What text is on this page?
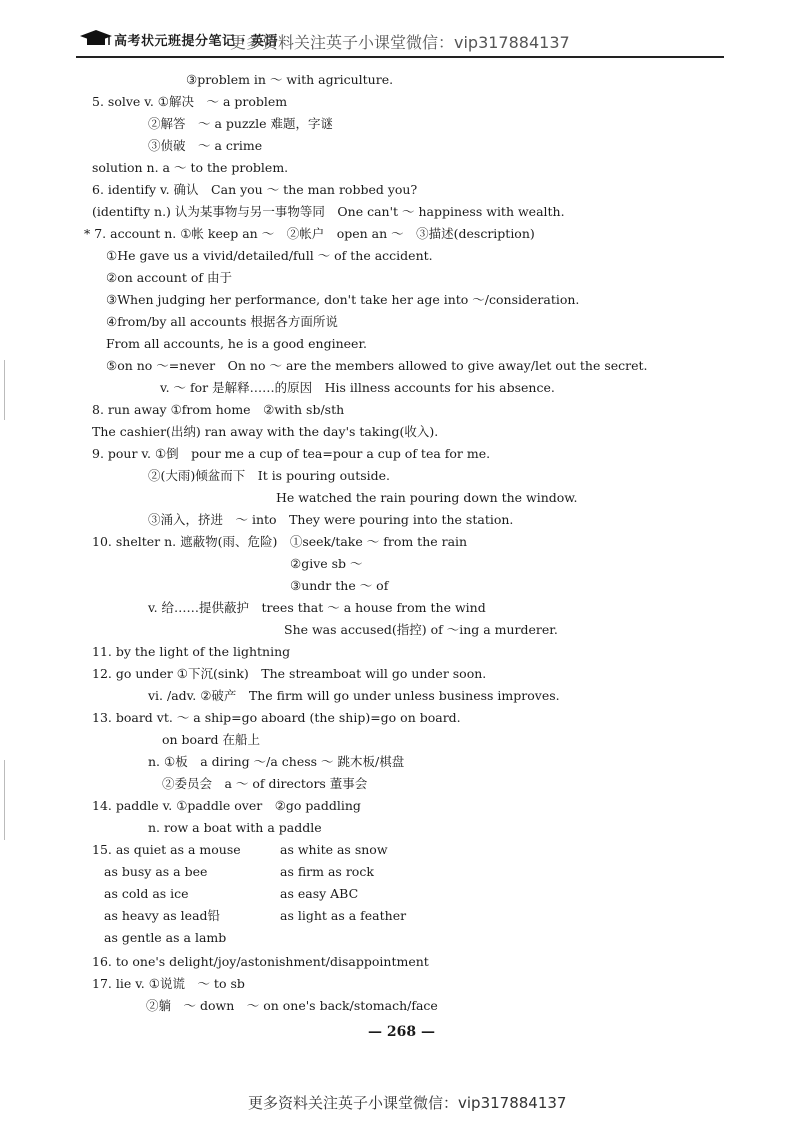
高考状元班提分笔记 · 英语
更多资料关注英子小课堂微信：vip317884137
③problem in ～ with agriculture.
5. solve v. ①解决　～ a problem
②解答　～ a puzzle 难题，字谜
③侦破　～ a crime
solution n. a ～ to the problem.
6. identify v. 确认　Can you ～ the man robbed you?
(identifty n.) 认为某事物与另一事物等同　One can't ～ happiness with wealth.
* 7. account n. ①帐 keep an ～　②帐户　open an ～　③描述(description)
①He gave us a vivid/detailed/full ～ of the accident.
②on account of 由于
③When judging her performance, don't take her age into ～/consideration.
④from/by all accounts 根据各方面所说
From all accounts, he is a good engineer.
⑤on no ～=never　On no ～ are the members allowed to give away/let out the secret.
v. ～ for 是解释……的原因　His illness accounts for his absence.
8. run away ①from home　②with sb/sth
The cashier(出纳) ran away with the day's taking(收入).
9. pour v. ①倒　pour me a cup of tea=pour a cup of tea for me.
②(大雨)倾盆而下　It is pouring outside.
He watched the rain pouring down the window.
③涌入，挤进　～ into　They were pouring into the station.
10. shelter n. 遮蔽物(雨、危险)　①seek/take ～ from the rain
②give sb ～
③undr the ～ of
v. 给……提供蔽护　trees that ～ a house from the wind
She was accused(指控) of ～ing a murderer.
11. by the light of the lightning
12. go under ①下沉(sink)　The streamboat will go under soon.
vi. /adv. ②破产　The firm will go under unless business improves.
13. board vt. ～ a ship=go aboard (the ship)=go on board.
on board 在船上
n. ①板　a diring ～/a chess ～ 跳木板/棋盘
②委员会　a ～ of directors 董事会
14. paddle v. ①paddle over　②go paddling
n. row a boat with a paddle
15. as quiet as a mouse	as white as snow
as busy as a bee	as firm as rock
as cold as ice	as easy ABC
as heavy as lead铅	as light as a feather
as gentle as a lamb
16. to one's delight/joy/astonishment/disappointment
17. lie v. ①说谎　～ to sb
②躺　～ down　～ on one's back/stomach/face
— 268 —
更多资料关注英子小课堂微信：vip317884137
